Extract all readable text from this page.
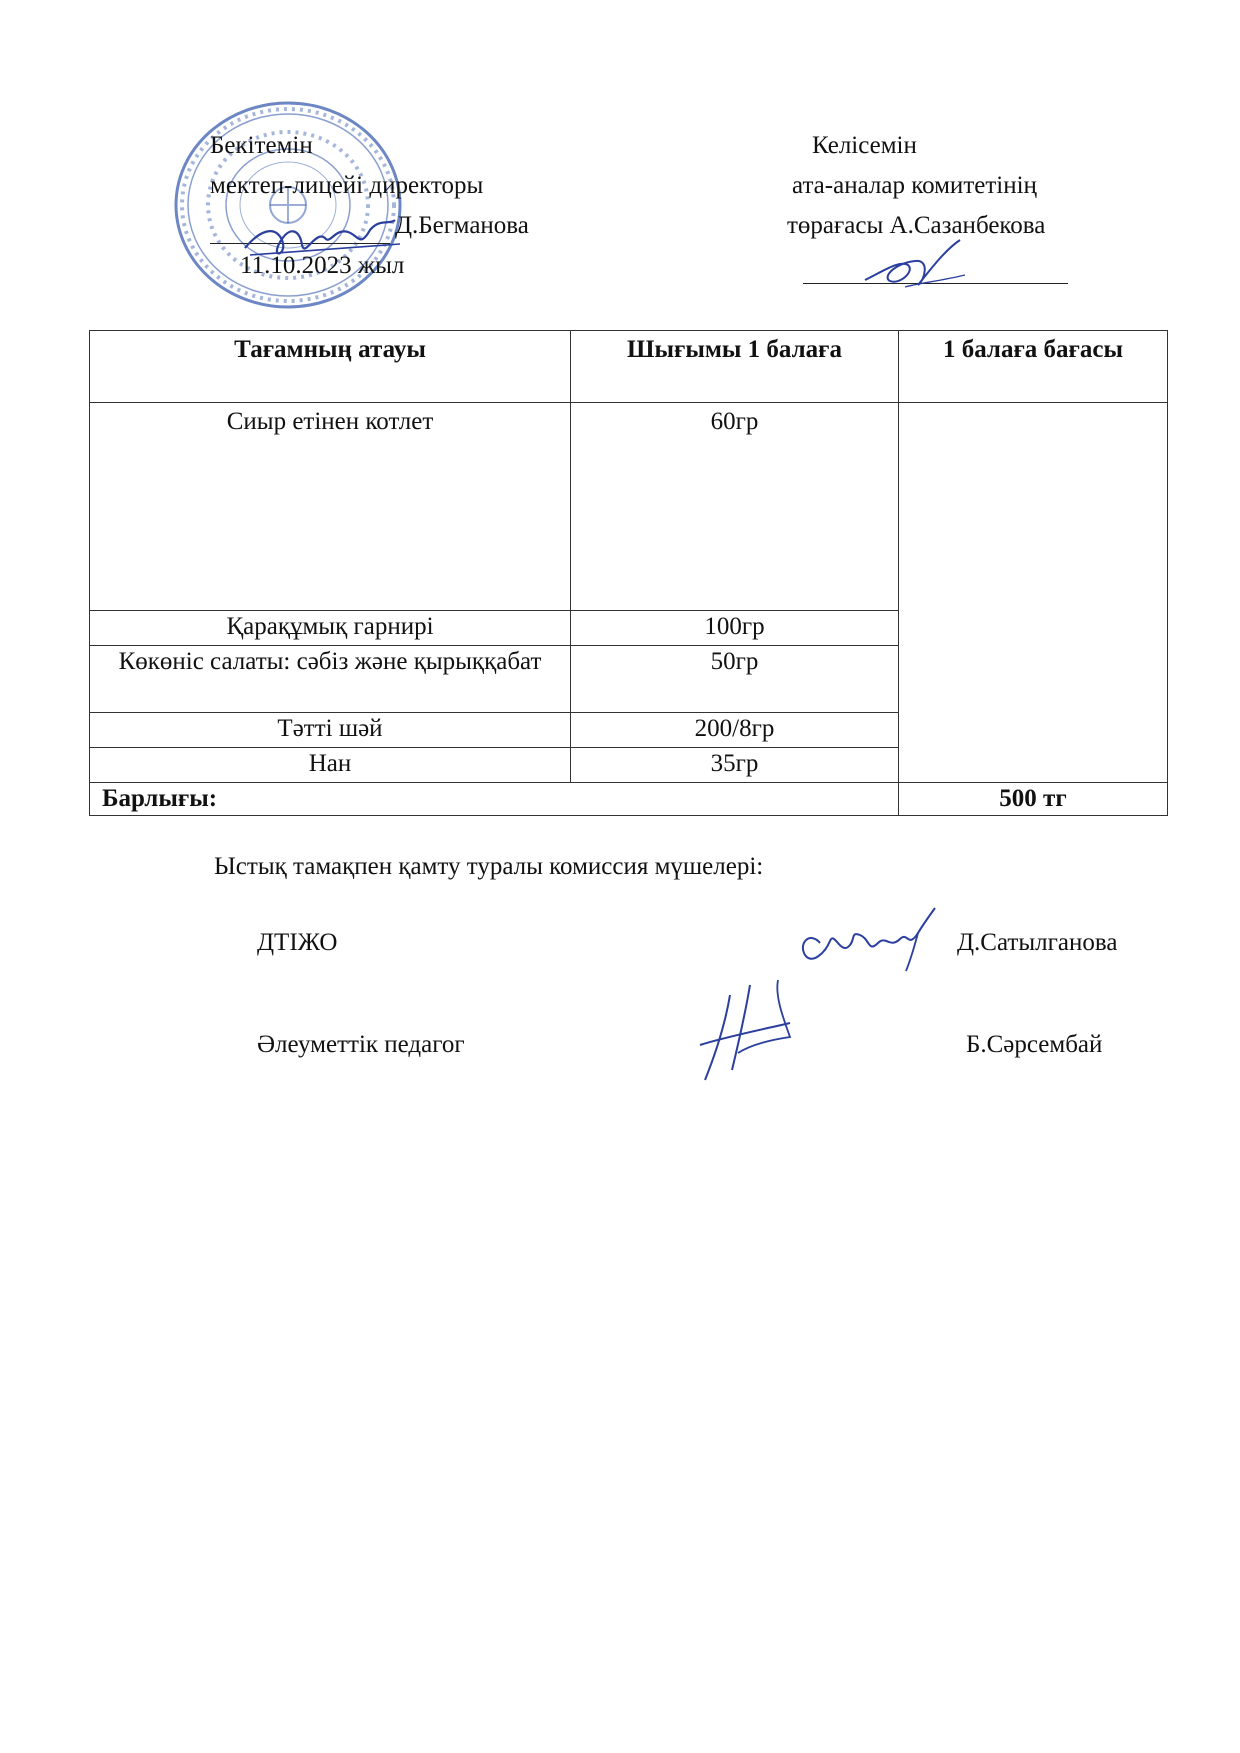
Бекітемін
мектеп-лицейі директоры
Д.Бегманова
11.10.2023 жыл
Келісемін
ата-аналар комитетінің
төрағасы А.Сазанбекова
Тағамның атауы	Шығымы 1 балаға	1 балаға бағасы
Сиыр етінен котлет	60гр	
Қарақұмық гарнирі	100гр	
Көкөніс салаты: сәбіз және қырыққабат	50гр	
Тәтті шәй	200/8гр	
Нан	35гр	
Барлығы:		500 тг
Ыстық тамақпен қамту туралы комиссия мүшелері:
ДТІЖО	Д.Сатылганова
Әлеуметтік педагог	Б.Сәрсембай
